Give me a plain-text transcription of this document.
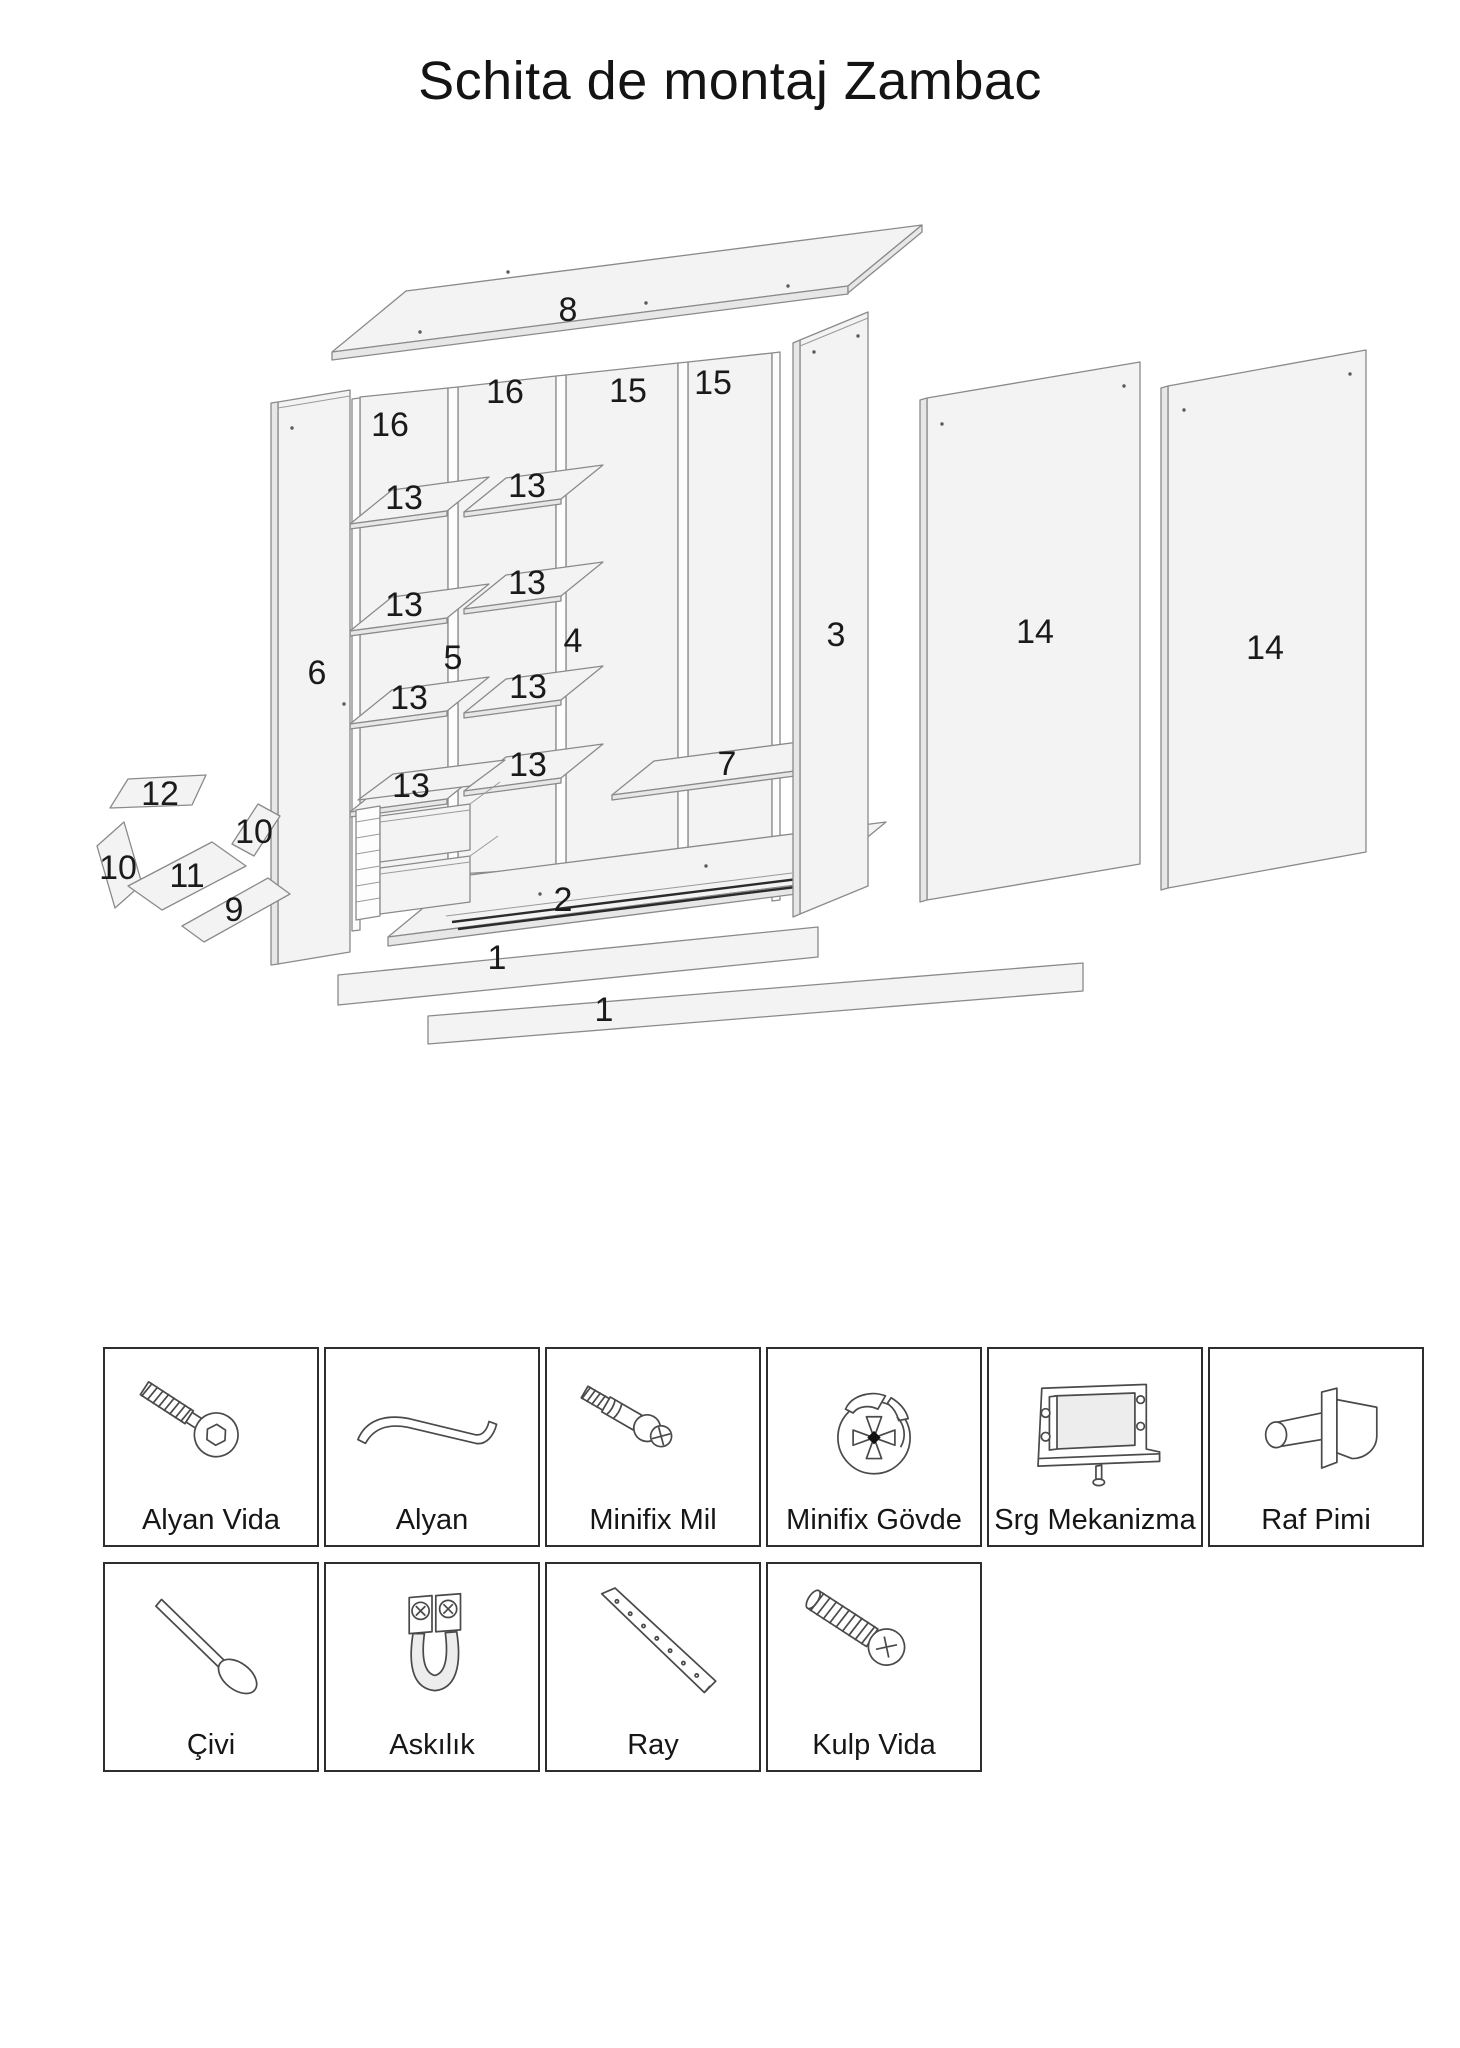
Schita de montaj Zambac
8
16
16	15 15
3	14	14
6	5	4
7
13
13
13
13
13
13
13
13
2
1
1
12
10 11
10
9
Alyan Vida	Alyan	Minifix Mil	Minifix Gövde	Srg Mekanizma	Raf Pimi
Çivi	Askılık	Ray	Kulp Vida
